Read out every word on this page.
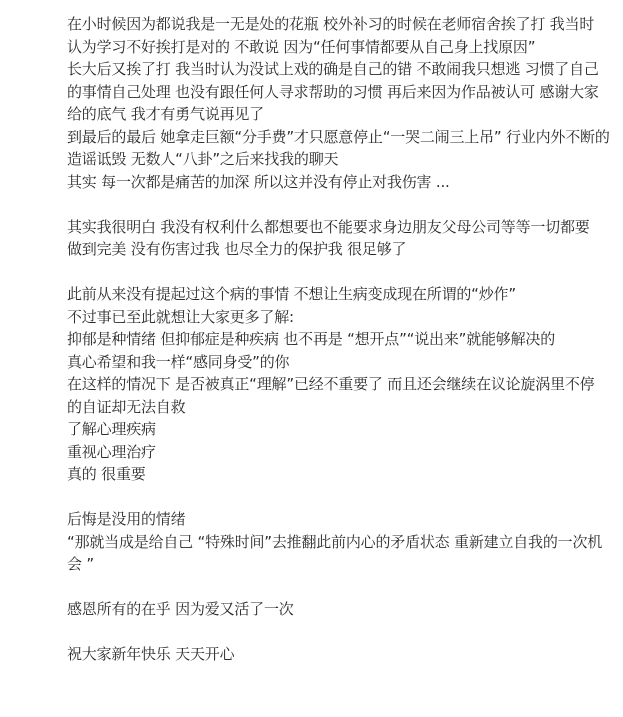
在小时候因为都说我是一无是处的花瓶 校外补习的时候在老师宿舍挨了打 我当时
认为学习不好挨打是对的 不敢说 因为“任何事情都要从自己身上找原因”
长大后又挨了打 我当时认为没试上戏的确是自己的错 不敢闹我只想逃 习惯了自己
的事情自己处理 也没有跟任何人寻求帮助的习惯 再后来因为作品被认可 感谢大家
给的底气 我才有勇气说再见了
到最后的最后 她拿走巨额“分手费”才只愿意停止“一哭二闹三上吊” 行业内外不断的
造谣诋毁 无数人“八卦”之后来找我的聊天
其实 每一次都是痛苦的加深 所以这并没有停止对我伤害 ...
其实我很明白 我没有权利什么都想要也不能要求身边朋友父母公司等等一切都要
做到完美 没有伤害过我 也尽全力的保护我 很足够了
此前从来没有提起过这个病的事情 不想让生病变成现在所谓的“炒作”
不过事已至此就想让大家更多了解:
抑郁是种情绪 但抑郁症是种疾病 也不再是 “想开点”“说出来”就能够解决的
真心希望和我一样“感同身受”的你
在这样的情况下 是否被真正“理解”已经不重要了 而且还会继续在议论旋涡里不停
的自证却无法自救
了解心理疾病
重视心理治疗
真的 很重要
后悔是没用的情绪
“那就当成是给自己 “特殊时间”去推翻此前内心的矛盾状态 重新建立自我的一次机
会 ”
感恩所有的在乎 因为爱又活了一次
祝大家新年快乐 天天开心
